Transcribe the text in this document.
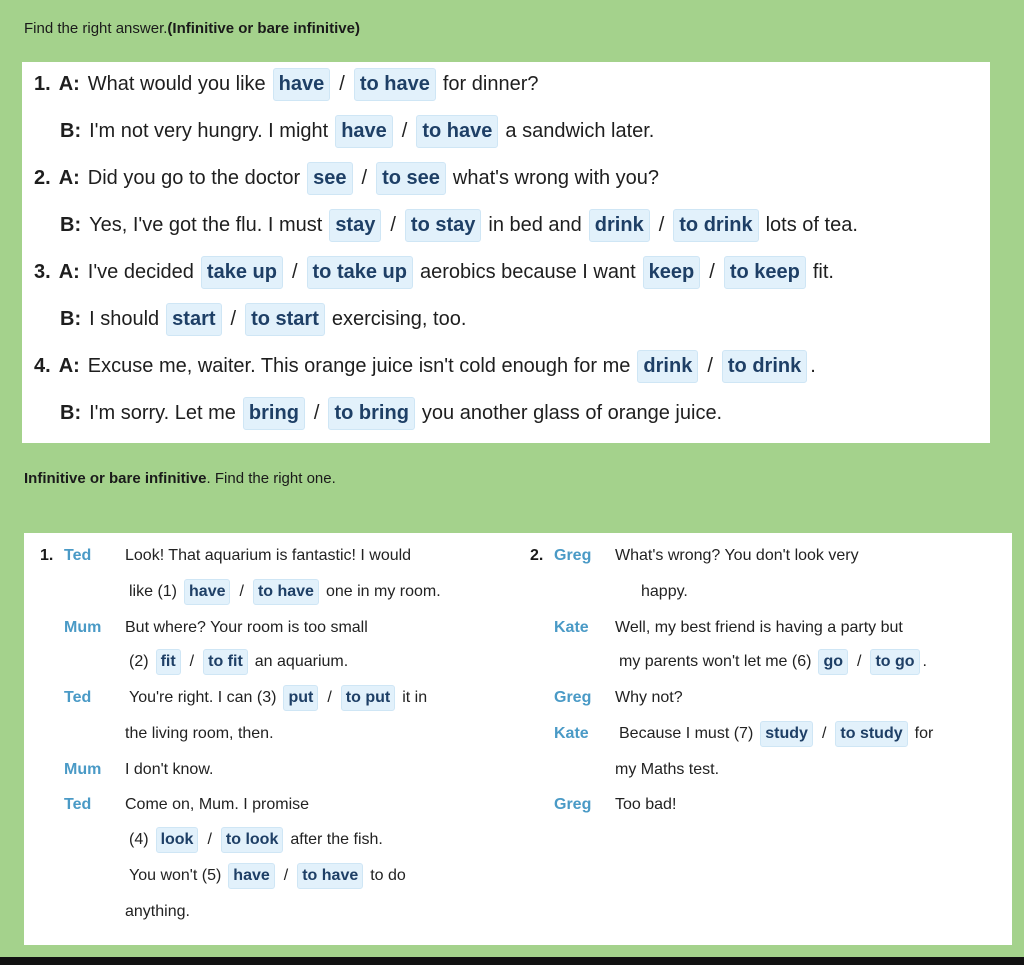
Find the right answer.(Infinitive or bare infinitive)
1. A: What would you like have / to have for dinner?
B: I'm not very hungry. I might have / to have a sandwich later.
2. A: Did you go to the doctor see / to see what's wrong with you?
B: Yes, I've got the flu. I must stay / to stay in bed and drink / to drink lots of tea.
3. A: I've decided take up / to take up aerobics because I want keep / to keep fit.
B: I should start / to start exercising, too.
4. A: Excuse me, waiter. This orange juice isn't cold enough for me drink / to drink .
B: I'm sorry. Let me bring / to bring you another glass of orange juice.
Infinitive or bare infinitive. Find the right one.
1. Ted Look! That aquarium is fantastic! I would
like (1) have / to have one in my room.
Mum But where? Your room is too small
(2) fit / to fit an aquarium.
Ted You're right. I can (3) put / to put it in
the living room, then.
Mum I don't know.
Ted Come on, Mum. I promise
(4) look / to look after the fish.
You won't (5) have / to have to do
anything.
2. Greg What's wrong? You don't look very
happy.
Kate Well, my best friend is having a party but
my parents won't let me (6) go / to go .
Greg Why not?
Kate Because I must (7) study / to study for
my Maths test.
Greg Too bad!
